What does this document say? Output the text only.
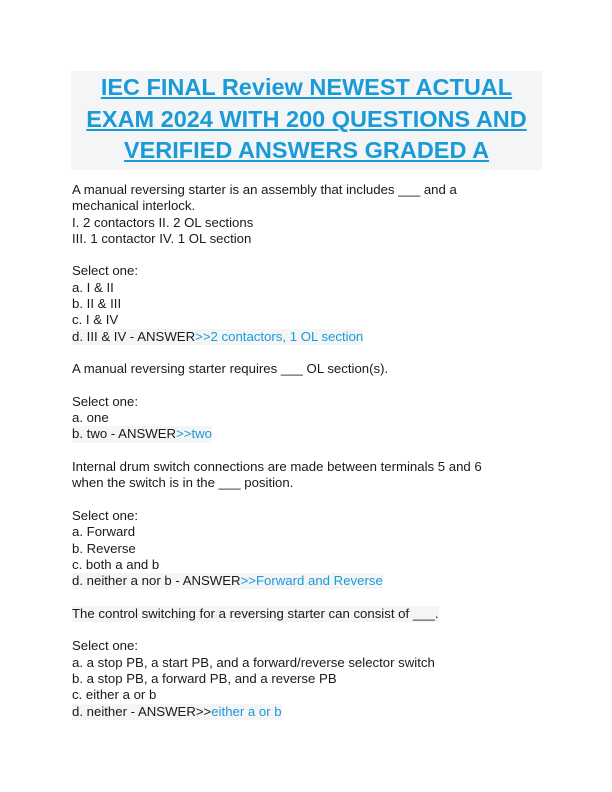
IEC FINAL Review NEWEST ACTUAL
EXAM 2024 WITH 200 QUESTIONS AND
VERIFIED ANSWERS GRADED A
A manual reversing starter is an assembly that includes ___ and a
mechanical interlock.
I. 2 contactors II. 2 OL sections
III. 1 contactor IV. 1 OL section
Select one:
a. I & II
b. II & III
c. I & IV
d. III & IV - ANSWER>>2 contactors, 1 OL section
A manual reversing starter requires ___ OL section(s).
Select one:
a. one
b. two - ANSWER>>two
Internal drum switch connections are made between terminals 5 and 6
when the switch is in the ___ position.
Select one:
a. Forward
b. Reverse
c. both a and b
d. neither a nor b - ANSWER>>Forward and Reverse
The control switching for a reversing starter can consist of ___.
Select one:
a. a stop PB, a start PB, and a forward/reverse selector switch
b. a stop PB, a forward PB, and a reverse PB
c. either a or b
d. neither - ANSWER>>either a or b
